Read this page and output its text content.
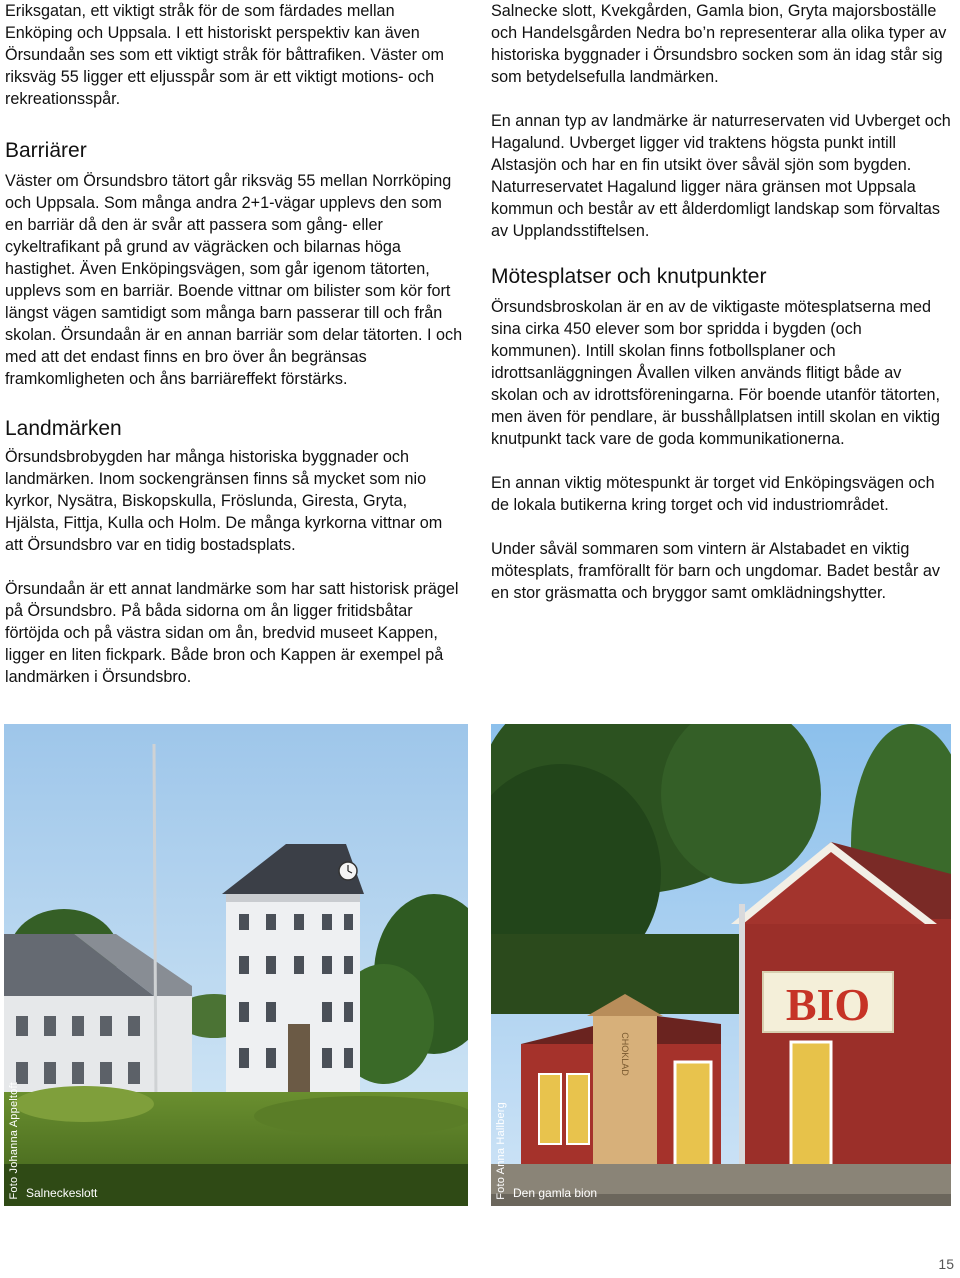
Eriksgatan, ett viktigt stråk för de som färdades mellan Enköping och Uppsala. I ett historiskt perspektiv kan även Örsundaån ses som ett viktigt stråk för båttrafiken. Väster om riksväg 55 ligger ett eljusspår som är ett viktigt motions- och rekreationsspår.

Barriärer

Väster om Örsundsbro tätort går riksväg 55 mellan Norrköping och Uppsala. Som många andra 2+1-vägar upplevs den som en barriär då den är svår att passera som gång- eller cykeltrafikant på grund av vägräcken och bilarnas höga hastighet. Även Enköpingsvägen, som går igenom tätorten, upplevs som en barriär. Boende vittnar om bilister som kör fort längst vägen samtidigt som många barn passerar till och från skolan. Örsundaån är en annan barriär som delar tätorten. I och med att det endast finns en bro över ån begränsas framkomligheten och åns barriäreffekt förstärks.

Landmärken

Örsundsbrobygden har många historiska byggnader och landmärken. Inom sockengränsen finns så mycket som nio kyrkor, Nysätra, Biskopskulla, Fröslunda, Giresta, Gryta, Hjälsta, Fittja, Kulla och Holm. De många kyrkorna vittnar om att Örsundsbro var en tidig bostadsplats.

Örsundaån är ett annat landmärke som har satt historisk prägel på Örsundsbro. På båda sidorna om ån ligger fritidsbåtar förtöjda och på västra sidan om ån, bredvid museet Kappen, ligger en liten fickpark. Både bron och Kappen är exempel på landmärken i Örsundsbro.

Salnecke slott, Kvekgården, Gamla bion, Gryta majorsboställe och Handelsgården Nedra bo’n representerar alla olika typer av historiska byggnader i Örsundsbro socken som än idag står sig som betydelsefulla landmärken.

En annan typ av landmärke är naturreservaten vid Uvberget och Hagalund. Uvberget ligger vid traktens högsta punkt intill Alstasjön och har en fin utsikt över såväl sjön som bygden. Naturreservatet Hagalund ligger nära gränsen mot Uppsala kommun och består av ett ålderdomligt landskap som förvaltas av Upplandsstiftelsen.

Mötesplatser och knutpunkter

Örsundsbroskolan är en av de viktigaste mötesplatserna med sina cirka 450 elever som bor spridda i bygden (och kommunen). Intill skolan finns fotbollsplaner och idrottsanläggningen Åvallen vilken används flitigt både av skolan och av idrottsföreningarna. För boende utanför tätorten, men även för pendlare, är busshållplatsen intill skolan en viktig knutpunkt tack vare de goda kommunikationerna.

En annan viktig mötespunkt är torget vid Enköpingsvägen och de lokala butikerna kring torget och vid industriområdet.

Under såväl sommaren som vintern är Alstabadet en viktig mötesplats, framförallt för barn och ungdomar. Badet består av en stor gräsmatta och bryggor samt omklädningshytter.

Foto Johanna Appeltoft Salneckeslott
BIO
CHOKLAD
Foto Anna Hallberg Den gamla bion
15
